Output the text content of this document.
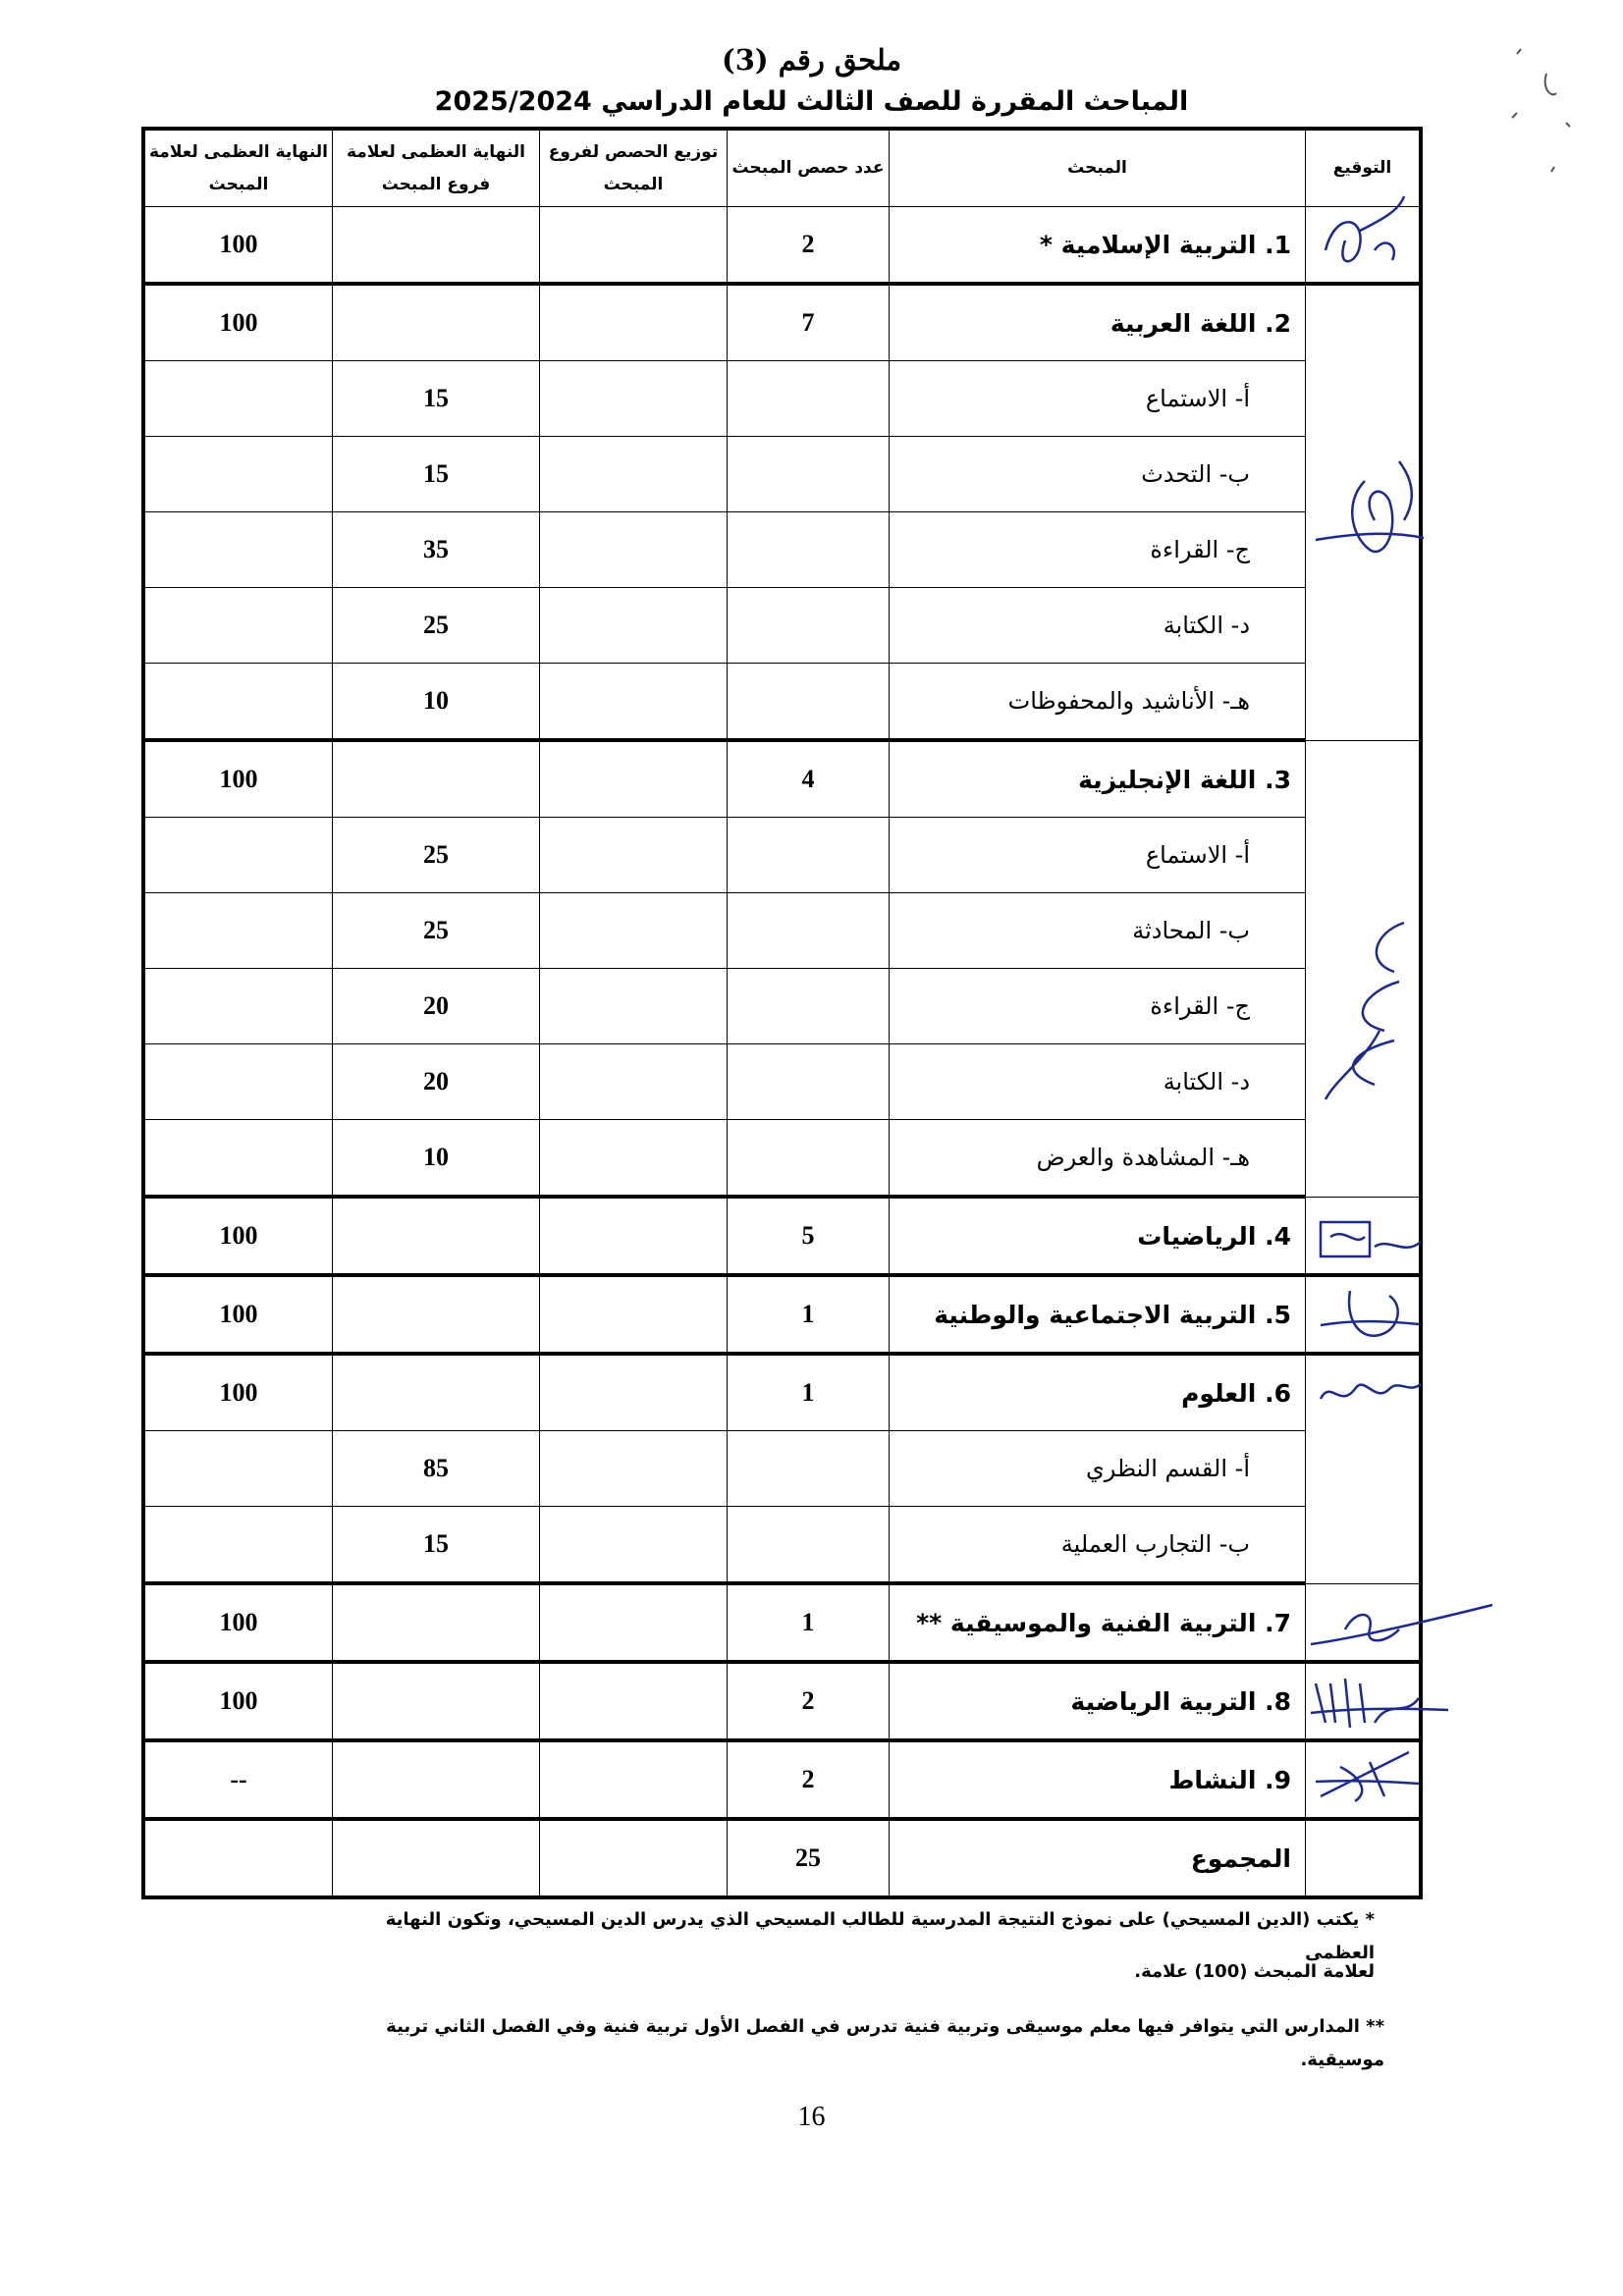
ملحق رقم (3)
المباحث المقررة للصف الثالث للعام الدراسي 2025/2024
التوقيع	المبحث	عدد حصص المبحث	توزيع الحصص لفروع المبحث	النهاية العظمى لعلامة فروع المبحث	النهاية العظمى لعلامة المبحث
	1. التربية الإسلامية *	2			100
	2. اللغة العربية	7			100
	أ- الاستماع			15	
	ب- التحدث			15	
	ج- القراءة			35	
	د- الكتابة			25	
	هـ- الأناشيد والمحفوظات			10	
	3. اللغة الإنجليزية	4			100
	أ- الاستماع			25	
	ب- المحادثة			25	
	ج- القراءة			20	
	د- الكتابة			20	
	هـ- المشاهدة والعرض			10	
	4. الرياضيات	5			100
	5. التربية الاجتماعية والوطنية	1			100
	6. العلوم	1			100
	أ- القسم النظري			85	
	ب- التجارب العملية			15	
	7. التربية الفنية والموسيقية **	1			100
	8. التربية الرياضية	2			100
	9. النشاط	2			--
	المجموع	25			
* يكتب (الدين المسيحي) على نموذج النتيجة المدرسية للطالب المسيحي الذي يدرس الدين المسيحي، وتكون النهاية العظمى
لعلامة المبحث (100) علامة.
** المدارس التي يتوافر فيها معلم موسيقى وتربية فنية تدرس في الفصل الأول تربية فنية وفي الفصل الثاني تربية موسيقية.
16
